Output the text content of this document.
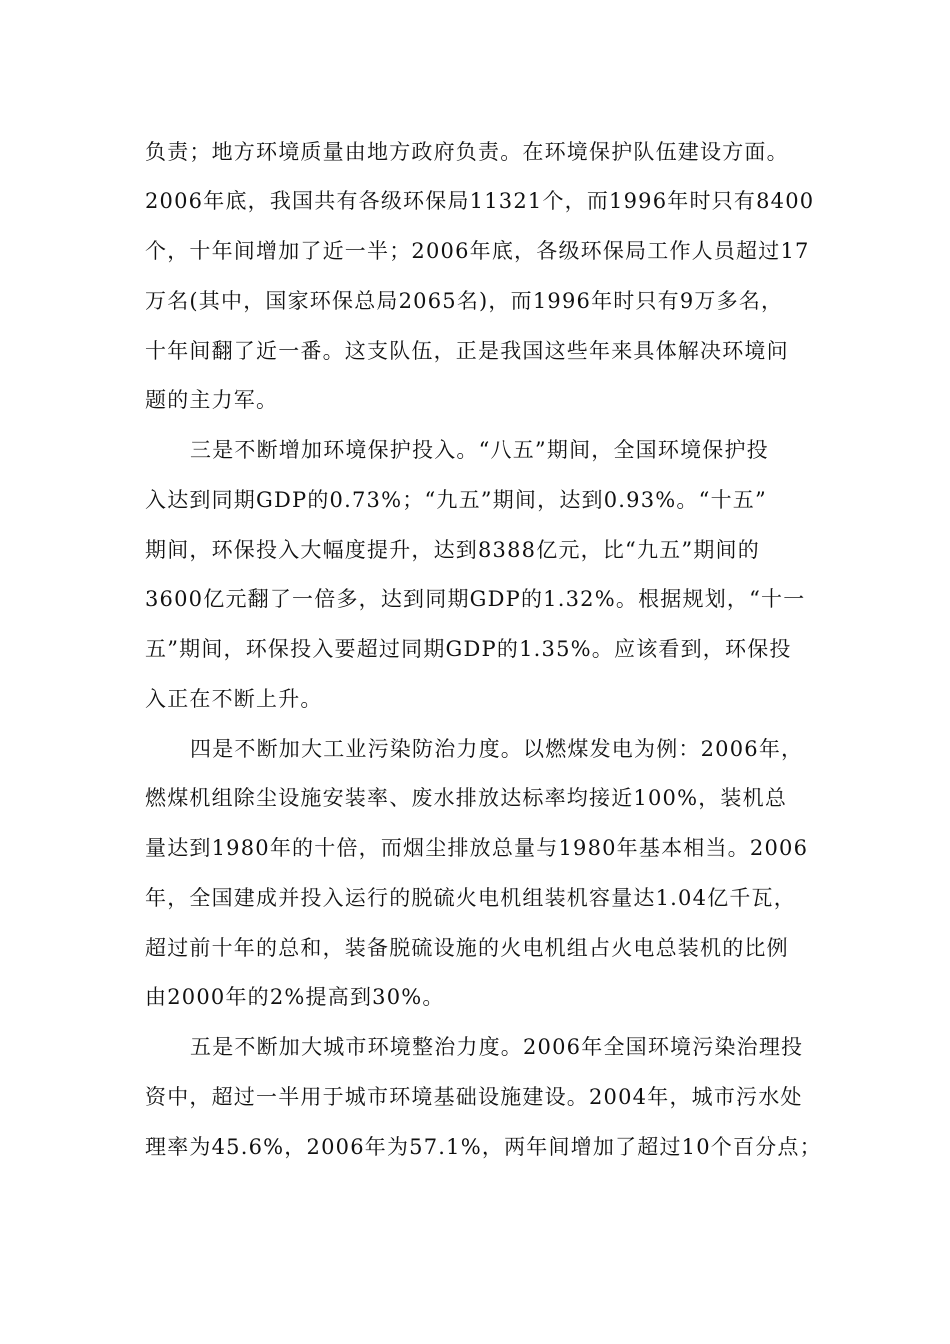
负责；地方环境质量由地方政府负责。在环境保护队伍建设方面。
2006年底，我国共有各级环保局11321个，而1996年时只有8400
个，十年间增加了近一半；2006年底，各级环保局工作人员超过17
万名(其中，国家环保总局2065名)，而1996年时只有9万多名，
十年间翻了近一番。这支队伍，正是我国这些年来具体解决环境问
题的主力军。
三是不断增加环境保护投入。“八五”期间，全国环境保护投
入达到同期GDP的0.73%；“九五”期间，达到0.93%。“十五”
期间，环保投入大幅度提升，达到8388亿元，比“九五”期间的
3600亿元翻了一倍多，达到同期GDP的1.32%。根据规划，“十一
五”期间，环保投入要超过同期GDP的1.35%。应该看到，环保投
入正在不断上升。
四是不断加大工业污染防治力度。以燃煤发电为例：2006年，
燃煤机组除尘设施安装率、废水排放达标率均接近100%，装机总
量达到1980年的十倍，而烟尘排放总量与1980年基本相当。2006
年，全国建成并投入运行的脱硫火电机组装机容量达1.04亿千瓦，
超过前十年的总和，装备脱硫设施的火电机组占火电总装机的比例
由2000年的2%提高到30%。
五是不断加大城市环境整治力度。2006年全国环境污染治理投
资中，超过一半用于城市环境基础设施建设。2004年，城市污水处
理率为45.6%，2006年为57.1%，两年间增加了超过10个百分点；
